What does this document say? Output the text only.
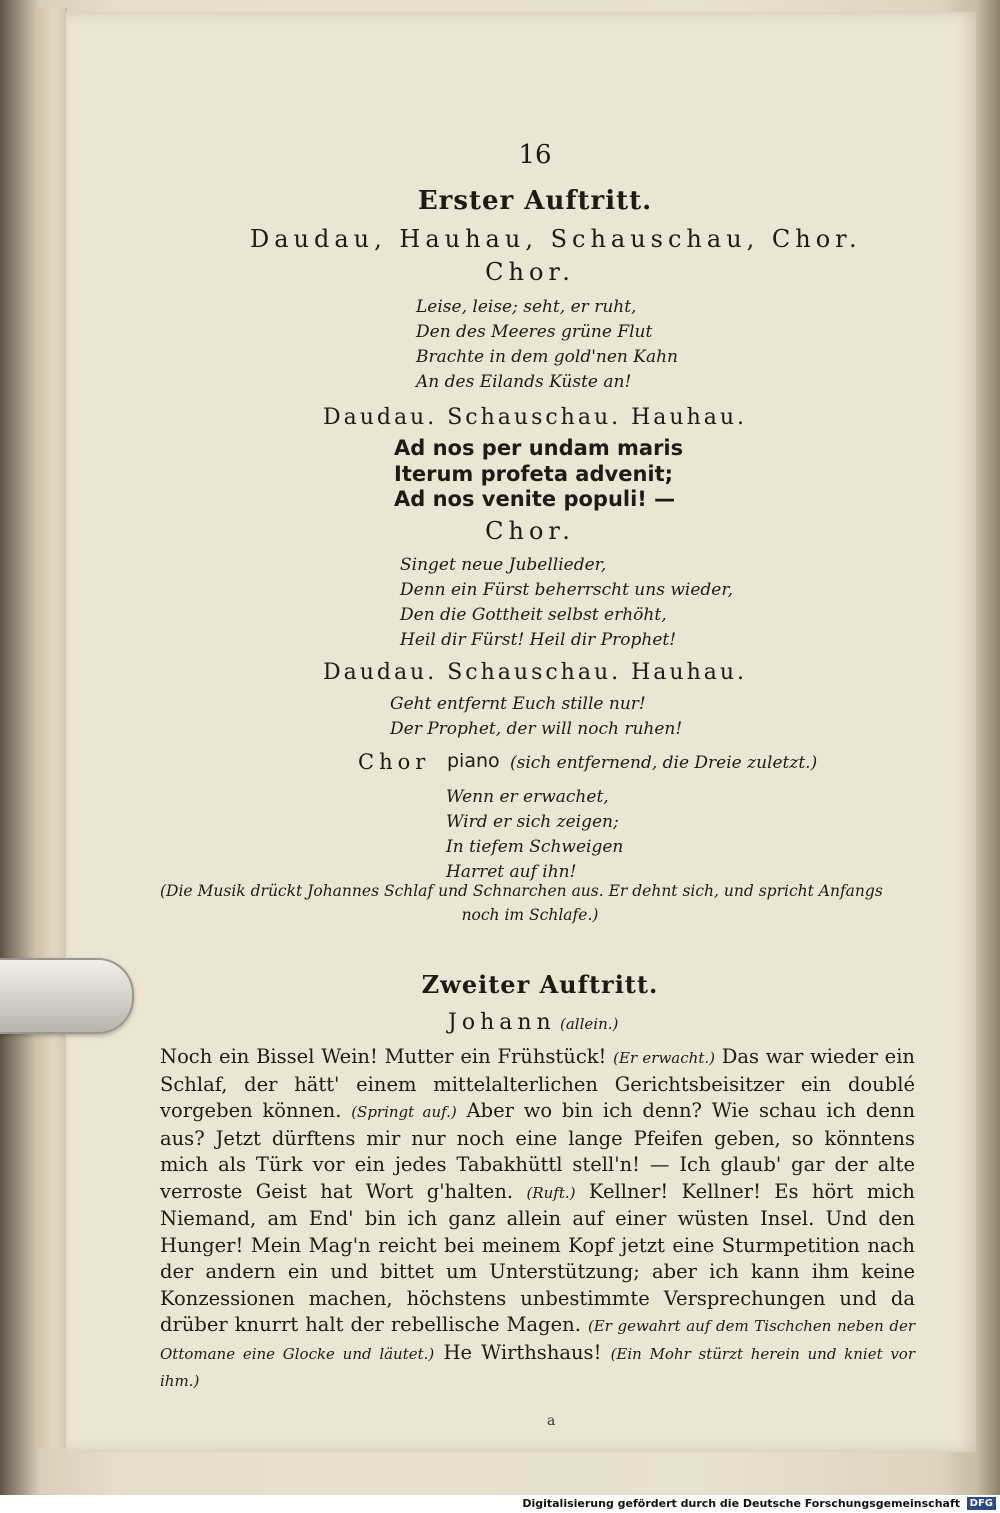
16
Erster Auftritt.
Daudau, Hauhau, Schauschau, Chor.
Chor.
Leise, leise; seht, er ruht,
Den des Meeres grüne Flut
Brachte in dem gold'nen Kahn
An des Eilands Küste an!
Daudau. Schauschau. Hauhau.
Ad nos per undam maris
Iterum profeta advenit;
Ad nos venite populi! —
Chor.
Singet neue Jubellieder,
Denn ein Fürst beherrscht uns wieder,
Den die Gottheit selbst erhöht,
Heil dir Fürst! Heil dir Prophet!
Daudau. Schauschau. Hauhau.
Geht entfernt Euch stille nur!
Der Prophet, der will noch ruhen!
Chor piano (sich entfernend, die Dreie zuletzt.)
Wenn er erwachet,
Wird er sich zeigen;
In tiefem Schweigen
Harret auf ihn!
(Die Musik drückt Johannes Schlaf und Schnarchen aus. Er dehnt sich, und spricht Anfangs
noch im Schlafe.)
Zweiter Auftritt.
Johann (allein.)
Noch ein Bissel Wein! Mutter ein Frühstück! (Er erwacht.) Das war wieder ein Schlaf, der hätt' einem mittelalterlichen Gerichtsbeisitzer ein doublé vorgeben können. (Springt auf.) Aber wo bin ich denn? Wie schau ich denn aus? Jetzt dürftens mir nur noch eine lange Pfeifen geben, so könntens mich als Türk vor ein jedes Tabakhüttl stell'n! — Ich glaub' gar der alte verroste Geist hat Wort g'halten. (Ruft.) Kellner! Kellner! Es hört mich Niemand, am End' bin ich ganz allein auf einer wüsten Insel. Und den Hunger! Mein Mag'n reicht bei meinem Kopf jetzt eine Sturmpetition nach der andern ein und bittet um Unterstützung; aber ich kann ihm keine Konzessionen machen, höchstens unbestimmte Versprechungen und da drüber knurrt halt der rebellische Magen. (Er gewahrt auf dem Tischchen neben der Ottomane eine Glocke und läutet.) He Wirthshaus! (Ein Mohr stürzt herein und kniet vor ihm.)
a
Digitalisierung gefördert durch die Deutsche Forschungsgemeinschaft DFG
